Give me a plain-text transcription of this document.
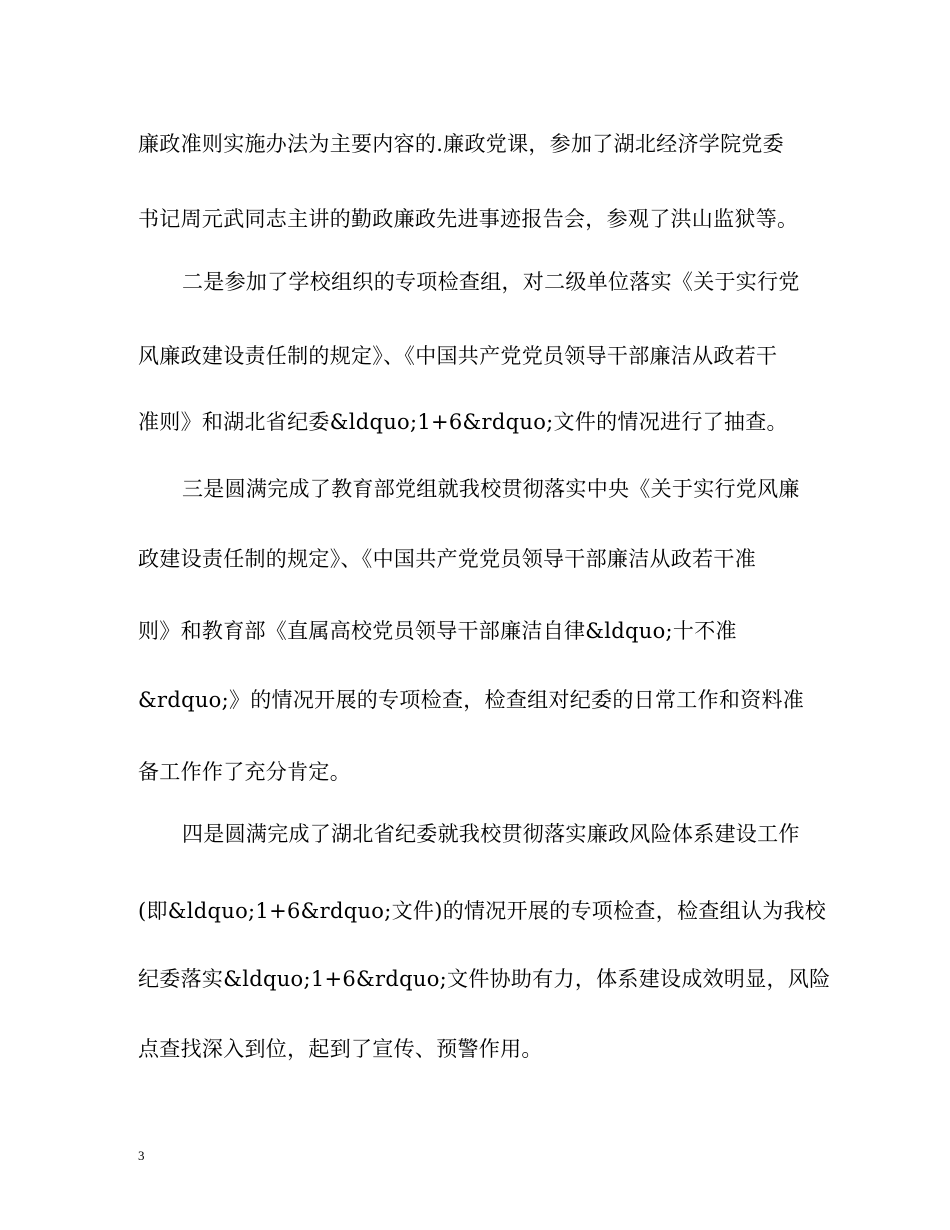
廉政准则实施办法为主要内容的.廉政党课，参加了湖北经济学院党委
书记周元武同志主讲的勤政廉政先进事迹报告会，参观了洪山监狱等。
二是参加了学校组织的专项检查组，对二级单位落实《关于实行党
风廉政建设责任制的规定》、《中国共产党党员领导干部廉洁从政若干
准则》和湖北省纪委&ldquo;1+6&rdquo;文件的情况进行了抽查。
三是圆满完成了教育部党组就我校贯彻落实中央《关于实行党风廉
政建设责任制的规定》、《中国共产党党员领导干部廉洁从政若干准
则》和教育部《直属高校党员领导干部廉洁自律&ldquo;十不准
&rdquo;》的情况开展的专项检查，检查组对纪委的日常工作和资料准
备工作作了充分肯定。
四是圆满完成了湖北省纪委就我校贯彻落实廉政风险体系建设工作
(即&ldquo;1+6&rdquo;文件)的情况开展的专项检查，检查组认为我校
纪委落实&ldquo;1+6&rdquo;文件协助有力，体系建设成效明显，风险
点查找深入到位，起到了宣传、预警作用。
3
